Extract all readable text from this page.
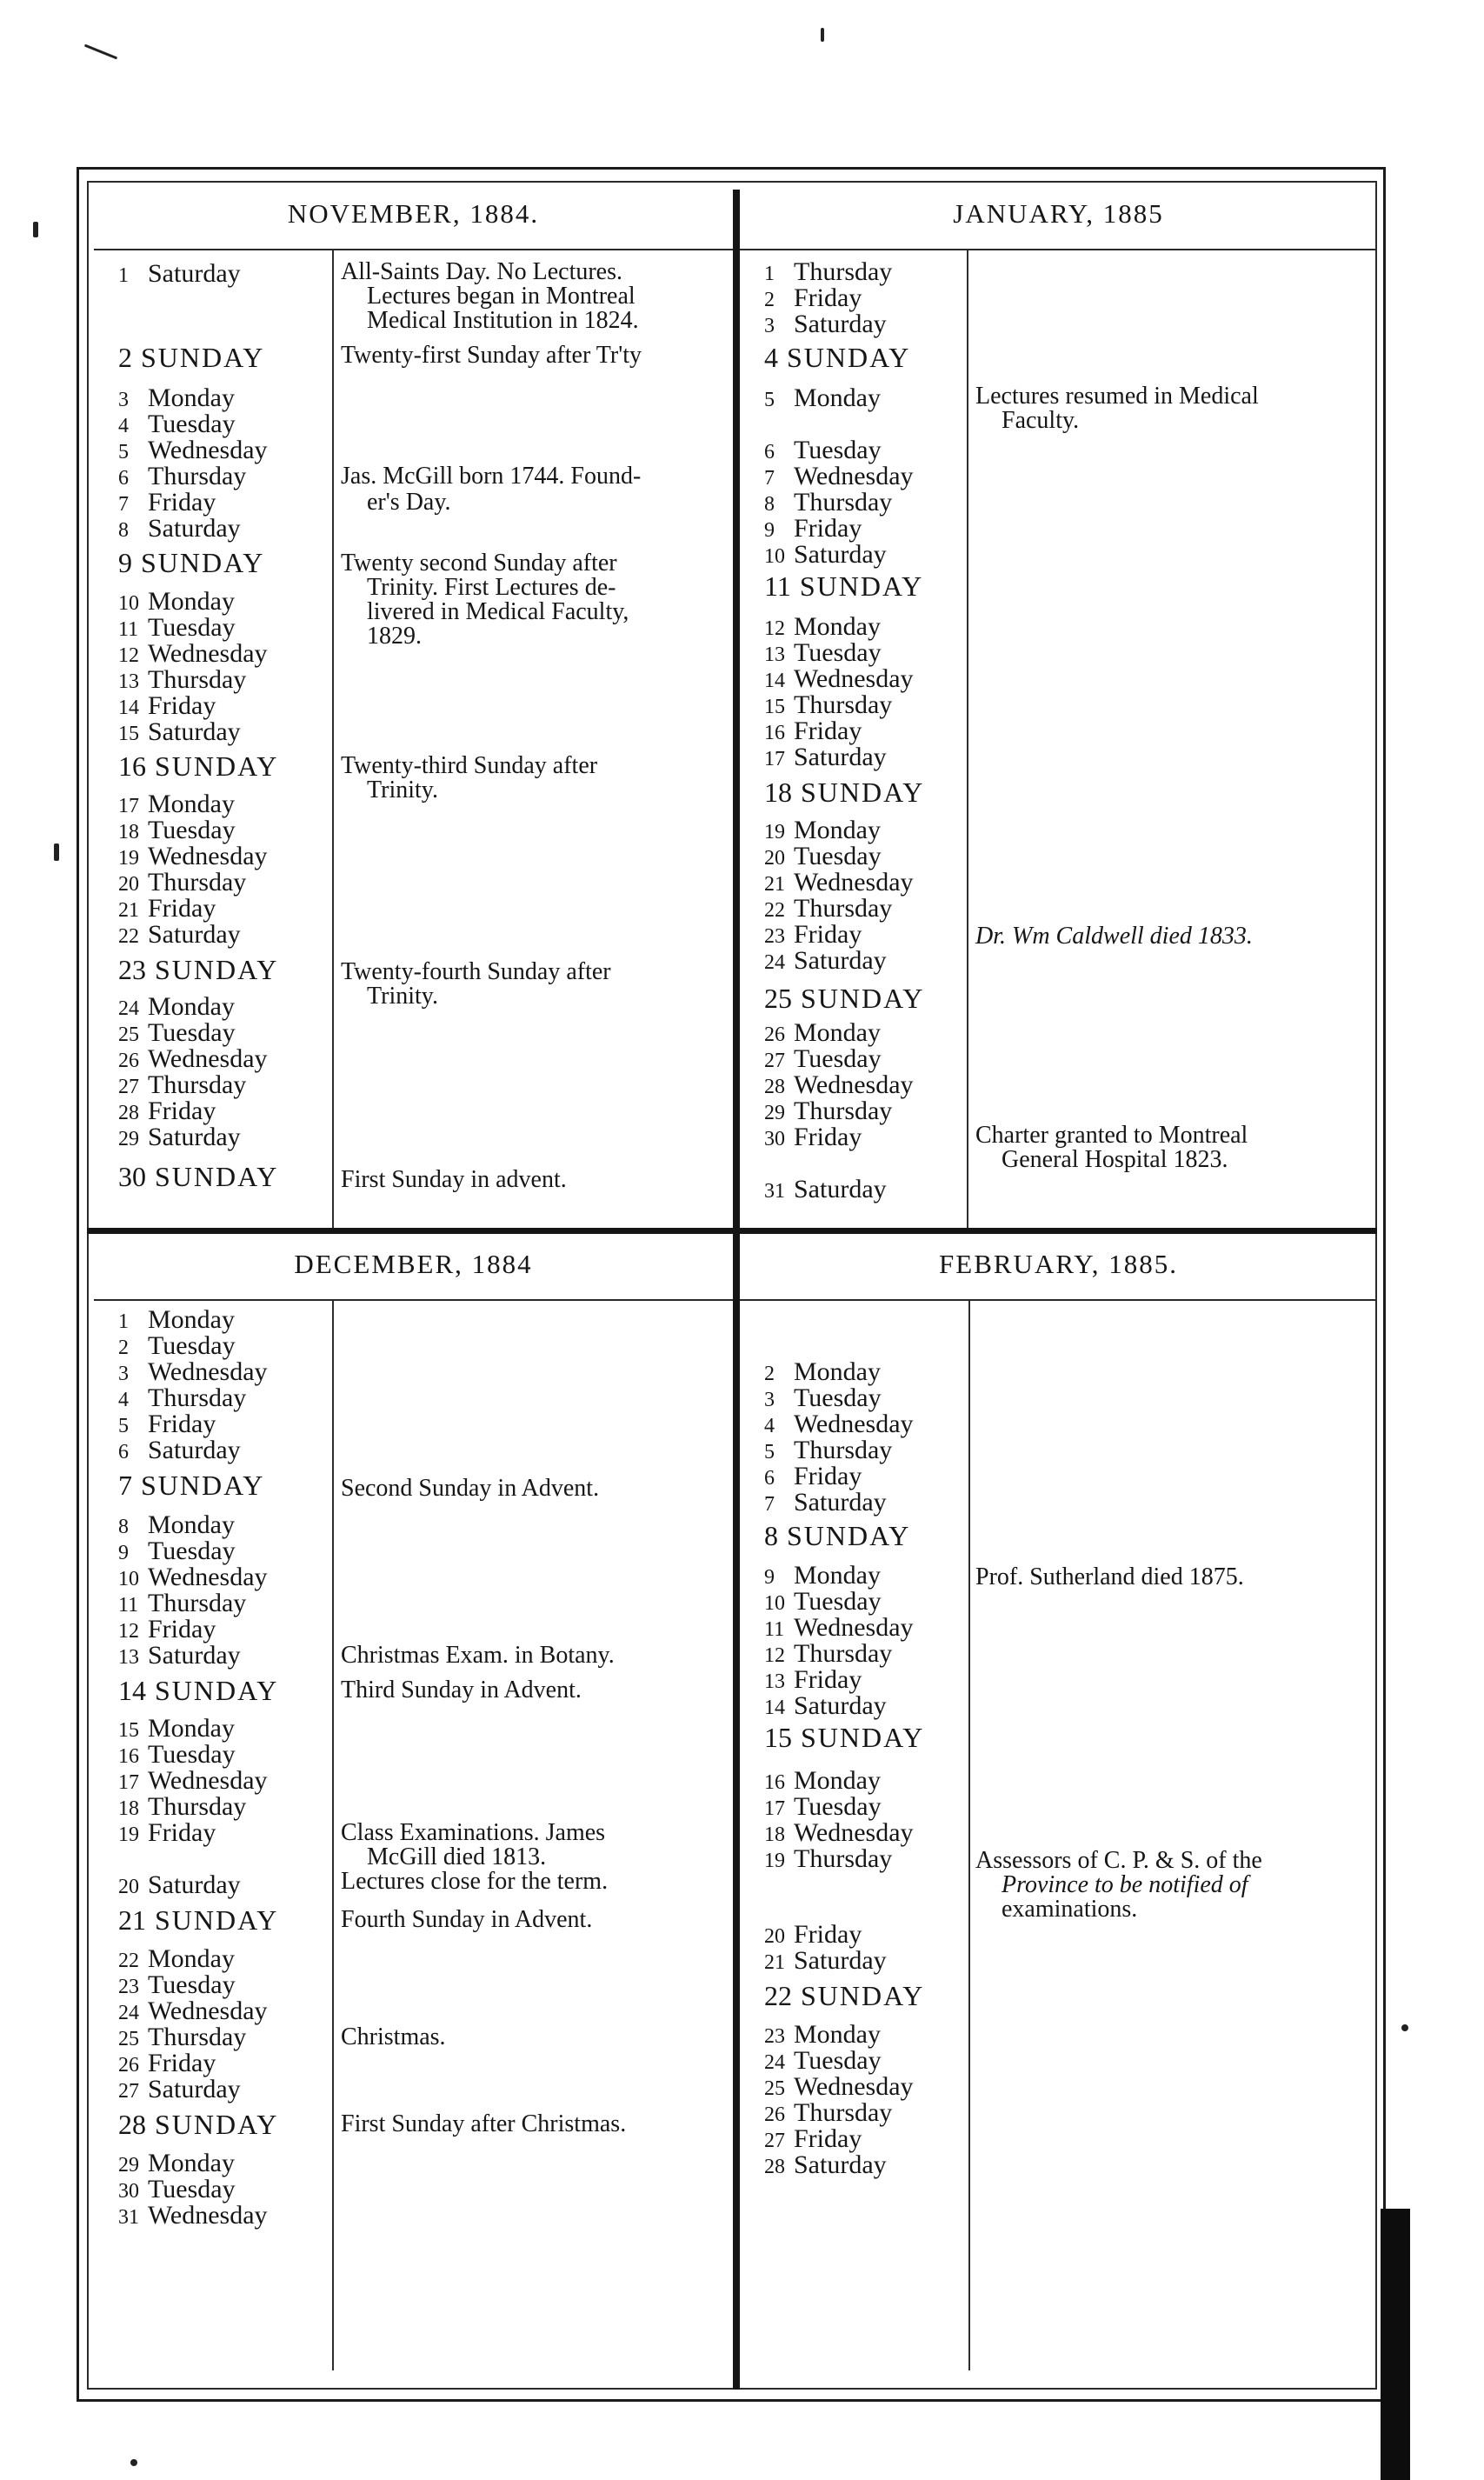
NOVEMBER, 1884.	JANUARY, 1885
DECEMBER, 1884	FEBRUARY, 1885.
1 Saturday
2 SUNDAY
3 Monday
4 Tuesday
5 Wednesday
6 Thursday
7 Friday
8 Saturday
9 SUNDAY
10 Monday
11 Tuesday
12 Wednesday
13 Thursday
14 Friday
15 Saturday
16 SUNDAY
17 Monday
18 Tuesday
19 Wednesday
20 Thursday
21 Friday
22 Saturday
23 SUNDAY
24 Monday
25 Tuesday
26 Wednesday
27 Thursday
28 Friday
29 Saturday
30 SUNDAY
All-Saints Day. No Lectures.
Lectures began in Montreal
Medical Institution in 1824.
Twenty-first Sunday after Tr'ty
Jas. McGill born 1744. Found-
er's Day.
Twenty second Sunday after
Trinity. First Lectures de-
livered in Medical Faculty,
1829.
Twenty-third Sunday after
Trinity.
Twenty-fourth Sunday after
Trinity.
First Sunday in advent.
1 Thursday
2 Friday
3 Saturday
4 SUNDAY
5 Monday
6 Tuesday
7 Wednesday
8 Thursday
9 Friday
10 Saturday
11 SUNDAY
12 Monday
13 Tuesday
14 Wednesday
15 Thursday
16 Friday
17 Saturday
18 SUNDAY
19 Monday
20 Tuesday
21 Wednesday
22 Thursday
23 Friday
24 Saturday
25 SUNDAY
26 Monday
27 Tuesday
28 Wednesday
29 Thursday
30 Friday
31 Saturday
Lectures resumed in Medical
Faculty.
Dr. Wm Caldwell died 1833.
Charter granted to Montreal
General Hospital 1823.
1 Monday
2 Tuesday
3 Wednesday
4 Thursday
5 Friday
6 Saturday
7 SUNDAY
8 Monday
9 Tuesday
10 Wednesday
11 Thursday
12 Friday
13 Saturday
14 SUNDAY
15 Monday
16 Tuesday
17 Wednesday
18 Thursday
19 Friday
20 Saturday
21 SUNDAY
22 Monday
23 Tuesday
24 Wednesday
25 Thursday
26 Friday
27 Saturday
28 SUNDAY
29 Monday
30 Tuesday
31 Wednesday
Second Sunday in Advent.
Christmas Exam. in Botany.
Third Sunday in Advent.
Class Examinations. James
McGill died 1813.
Lectures close for the term.
Fourth Sunday in Advent.
Christmas.
First Sunday after Christmas.
2 Monday
3 Tuesday
4 Wednesday
5 Thursday
6 Friday
7 Saturday
8 SUNDAY
9 Monday
10 Tuesday
11 Wednesday
12 Thursday
13 Friday
14 Saturday
15 SUNDAY
16 Monday
17 Tuesday
18 Wednesday
19 Thursday
20 Friday
21 Saturday
22 SUNDAY
23 Monday
24 Tuesday
25 Wednesday
26 Thursday
27 Friday
28 Saturday
Prof. Sutherland died 1875.
Assessors of C. P. & S. of the
Province to be notified of
examinations.
